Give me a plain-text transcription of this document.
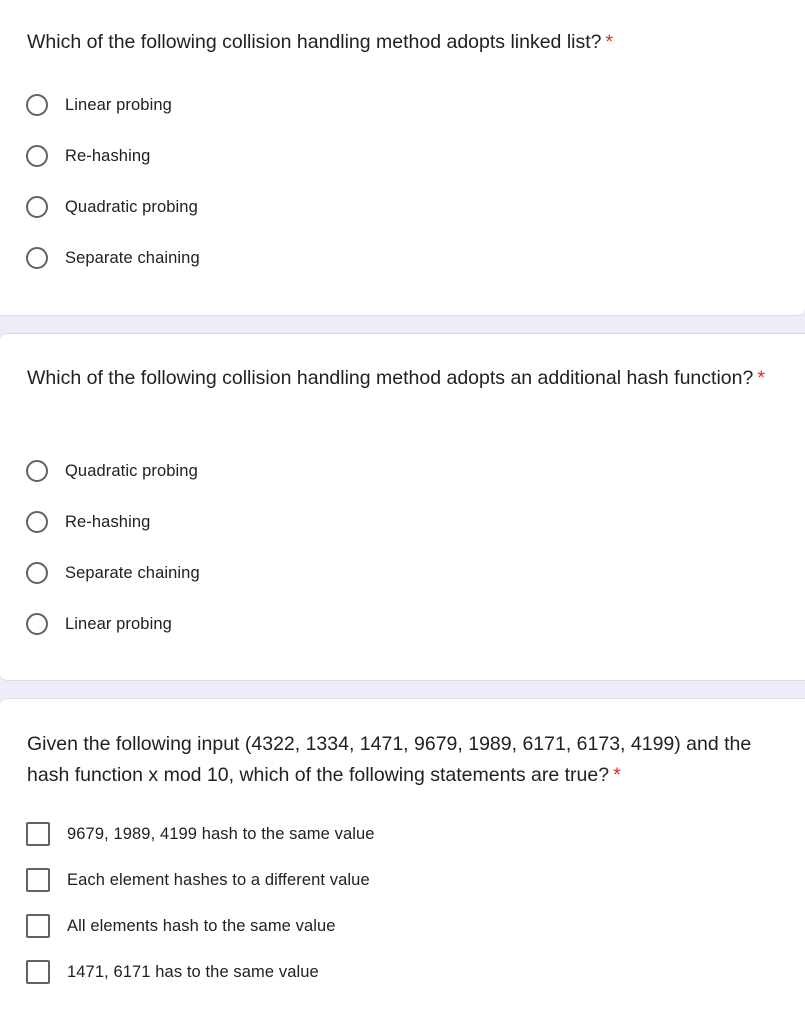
Which of the following collision handling method adopts linked list? *

Linear probing
Re-hashing
Quadratic probing
Separate chaining

Which of the following collision handling method adopts an additional hash function? *

Quadratic probing
Re-hashing
Separate chaining
Linear probing

Given the following input (4322, 1334, 1471, 9679, 1989, 6171, 6173, 4199) and the hash function x mod 10, which of the following statements are true? *

9679, 1989, 4199 hash to the same value
Each element hashes to a different value
All elements hash to the same value
1471, 6171 has to the same value
